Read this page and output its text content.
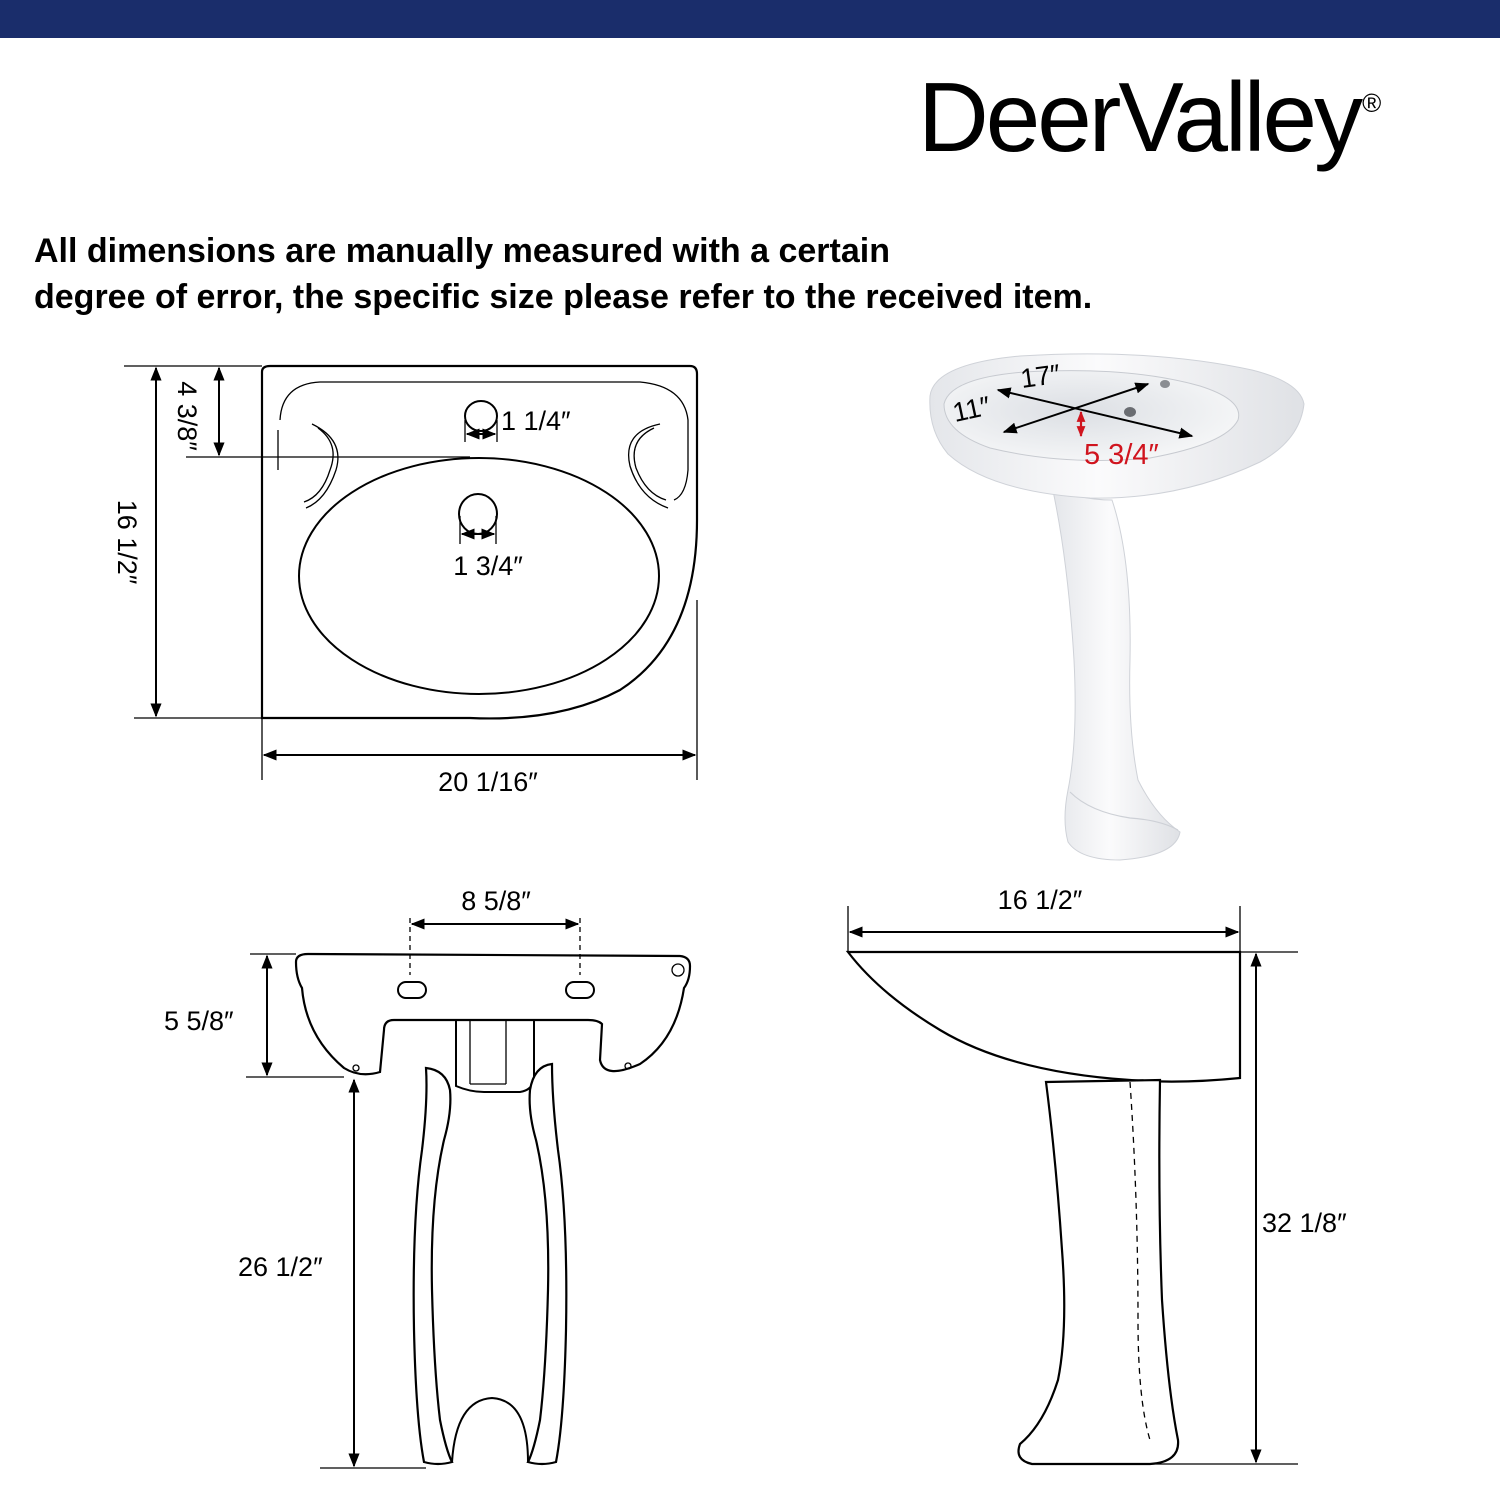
DeerValley®
All dimensions are manually measured with a certain
degree of error, the specific size please refer to the received item.
16 1/2″
4 3/8″	1 1/4″
1 3/4″
20 1/16″
17″
11″
5 3/4″
8 5/8″
5 5/8″
26 1/2″
16 1/2″
32 1/8″
